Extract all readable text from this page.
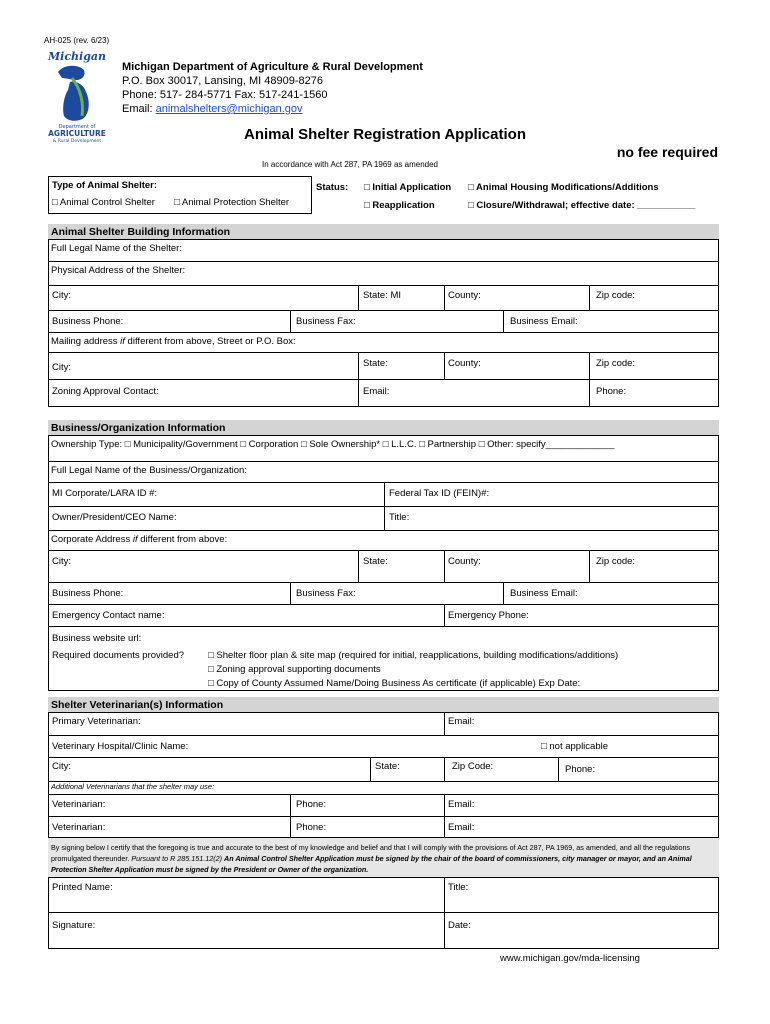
AH-025 (rev. 6/23)
Michigan
Department of
AGRICULTURE
& Rural Development
Michigan Department of Agriculture & Rural Development
P.O. Box 30017, Lansing, MI 48909-8276
Phone: 517- 284-5771 Fax: 517-241-1560
Email: animalshelters@michigan.gov
Animal Shelter Registration Application
no fee required
In accordance with Act 287, PA 1969 as amended
Type of Animal Shelter:
□ Animal Control Shelter □ Animal Protection Shelter
Status: □ Initial Application □ Animal Housing Modifications/Additions
□ Reapplication	□ Closure/Withdrawal; effective date: ___________
Animal Shelter Building Information
Full Legal Name of the Shelter:
Physical Address of the Shelter:
City:	State: MI	County:	Zip code:
Business Phone:	Business Fax:	Business Email:
Mailing address if different from above, Street or P.O. Box:
City:	State:	County:	Zip code:
Zoning Approval Contact:	Email:	Phone:
Business/Organization Information
Ownership Type: □ Municipality/Government □ Corporation □ Sole Ownership* □ L.L.C. □ Partnership □ Other: specify_____________
Full Legal Name of the Business/Organization:
MI Corporate/LARA ID #:	Federal Tax ID (FEIN)#:
Owner/President/CEO Name:	Title:
Corporate Address if different from above:
City:	State:	County:	Zip code:
Business Phone:	Business Fax:	Business Email:
Emergency Contact name:	Emergency Phone:
Business website url:
Required documents provided?	□ Shelter floor plan & site map (required for initial, reapplications, building modifications/additions)
□ Zoning approval supporting documents
□ Copy of County Assumed Name/Doing Business As certificate (if applicable) Exp Date:
Shelter Veterinarian(s) Information
Primary Veterinarian:	Email:
Veterinary Hospital/Clinic Name:	□ not applicable
City:	State:	Zip Code:	Phone:
Additional Veterinarians that the shelter may use:
Veterinarian:	Phone:	Email:
Veterinarian:	Phone:	Email:
By signing below I certify that the foregoing is true and accurate to the best of my knowledge and belief and that I will comply with the provisions of Act 287, PA 1969, as amended, and all the regulations promulgated thereunder. Pursuant to R 285.151.12(2) An Animal Control Shelter Application must be signed by the chair of the board of commissioners, city manager or mayor, and an Animal Protection Shelter Application must be signed by the President or Owner of the organization.
Printed Name:	Title:
Signature:	Date:
www.michigan.gov/mda-licensing
